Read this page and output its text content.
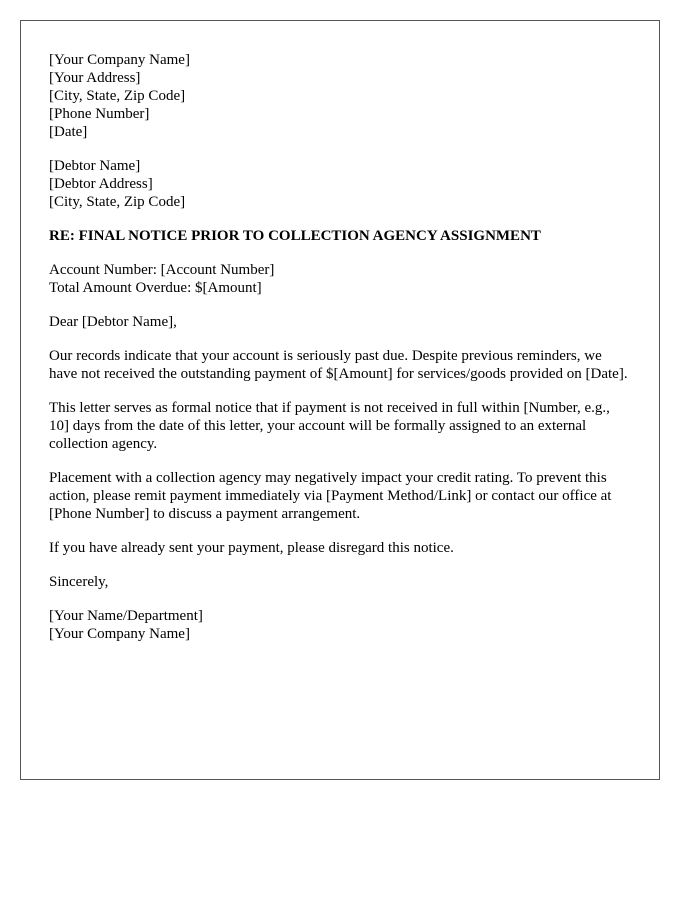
[Your Company Name]
[Your Address]
[City, State, Zip Code]
[Phone Number]
[Date]
[Debtor Name]
[Debtor Address]
[City, State, Zip Code]
RE: FINAL NOTICE PRIOR TO COLLECTION AGENCY ASSIGNMENT
Account Number: [Account Number]
Total Amount Overdue: $[Amount]

Dear [Debtor Name],

Our records indicate that your account is seriously past due. Despite previous reminders, we have not received the outstanding payment of $[Amount] for services/goods provided on [Date].

This letter serves as formal notice that if payment is not received in full within [Number, e.g., 10] days from the date of this letter, your account will be formally assigned to an external collection agency.

Placement with a collection agency may negatively impact your credit rating. To prevent this action, please remit payment immediately via [Payment Method/Link] or contact our office at [Phone Number] to discuss a payment arrangement.

If you have already sent your payment, please disregard this notice.

Sincerely,

[Your Name/Department]
[Your Company Name]
